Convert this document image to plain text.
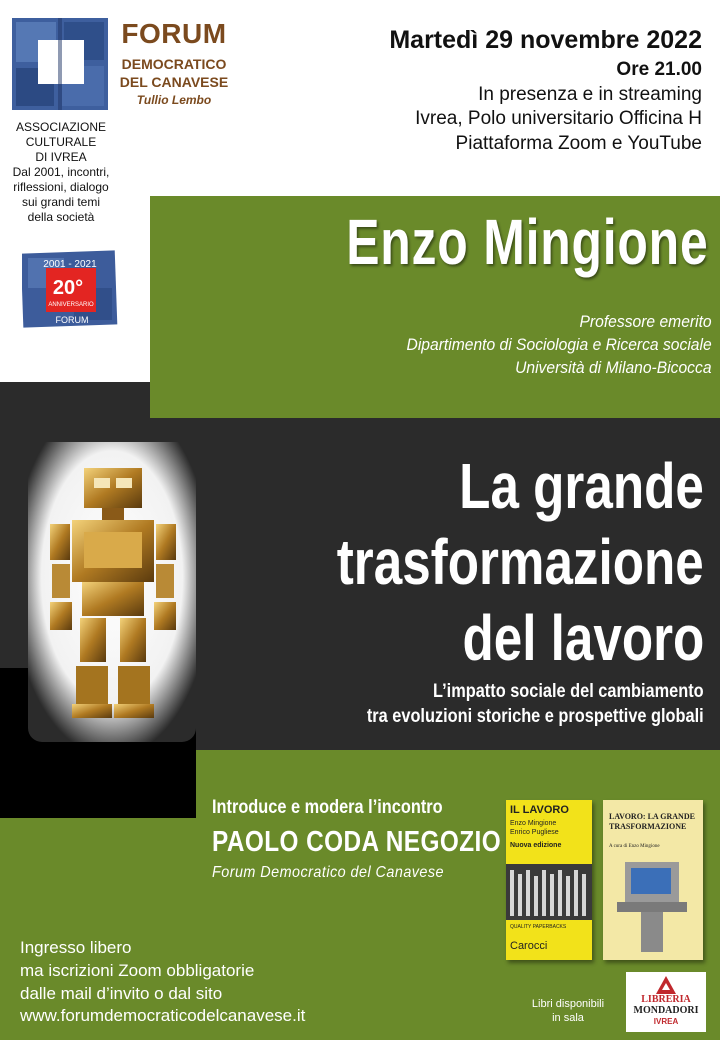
FORUM
DEMOCRATICO
DEL CANAVESE
Tullio Lembo
ASSOCIAZIONE
CULTURALE
DI IVREA
Dal 2001, incontri,
riflessioni, dialogo
sui grandi temi
della società
2001 - 2021
20°
ANNIVERSARIO
FORUM
Martedì 29 novembre 2022
Ore 21.00
In presenza e in streaming
Ivrea, Polo universitario Officina H
Piattaforma Zoom e YouTube
Enzo Mingione
Professore emerito
Dipartimento di Sociologia e Ricerca sociale
Università di Milano-Bicocca
La grande
trasformazione
del lavoro
L’impatto sociale del cambiamento
tra evoluzioni storiche e prospettive globali
Introduce e modera l’incontro
PAOLO CODA NEGOZIO
Forum Democratico del Canavese
Ingresso libero
ma iscrizioni Zoom obbligatorie
dalle mail d’invito o dal sito
www.forumdemocraticodelcanavese.it
IL LAVORO
Enzo Mingione
Enrico Pugliese
Nuova edizione
QUALITY PAPERBACKS
Carocci
LAVORO: LA GRANDE
TRASFORMAZIONE
A cura di Enzo Mingione
Libri disponibili
in sala
LIBRERIA
MONDADORI
IVREA
